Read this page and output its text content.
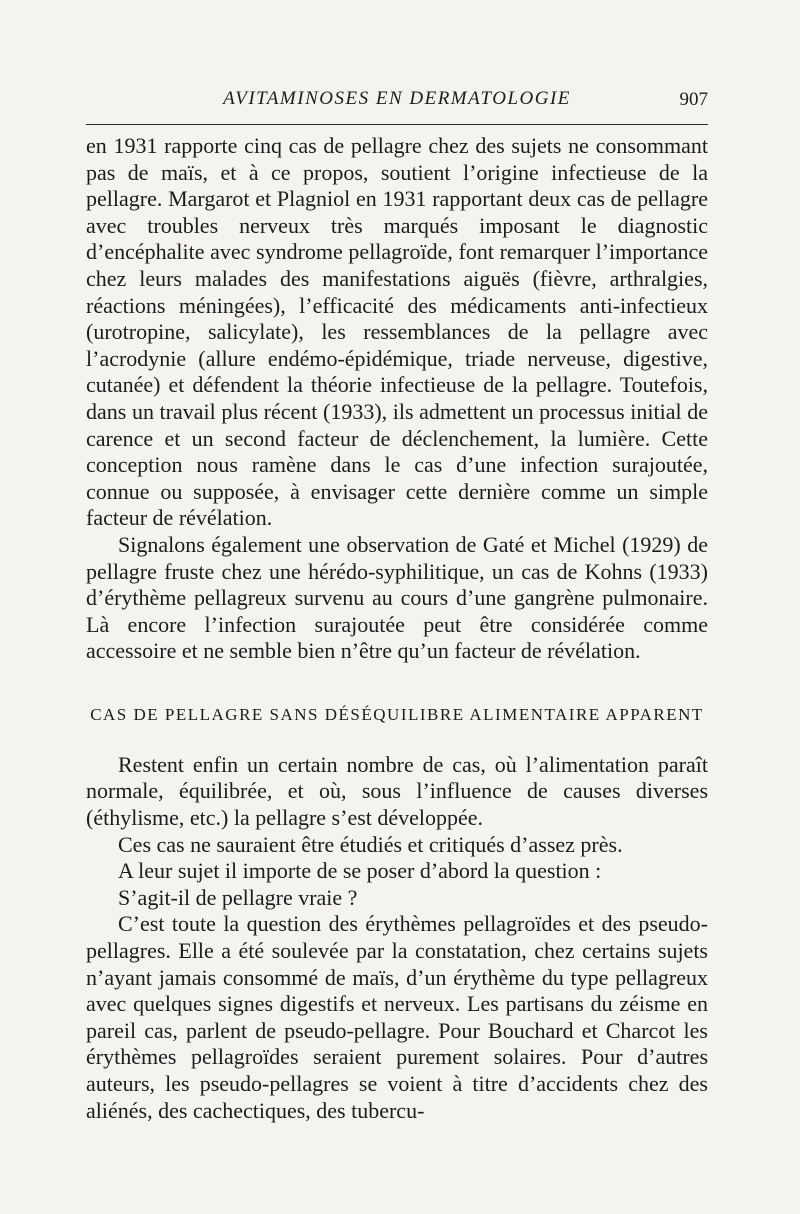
AVITAMINOSES EN DERMATOLOGIE	907

en 1931 rapporte cinq cas de pellagre chez des sujets ne consommant pas de maïs, et à ce propos, soutient l’origine infectieuse de la pellagre. Margarot et Plagniol en 1931 rapportant deux cas de pellagre avec troubles nerveux très marqués imposant le diagnostic d’encéphalite avec syndrome pellagroïde, font remarquer l’importance chez leurs malades des manifestations aiguës (fièvre, arthralgies, réactions méningées), l’efficacité des médicaments anti-infectieux (urotropine, salicylate), les ressemblances de la pellagre avec l’acrodynie (allure endémo-épidémique, triade nerveuse, digestive, cutanée) et défendent la théorie infectieuse de la pellagre. Toutefois, dans un travail plus récent (1933), ils admettent un processus initial de carence et un second facteur de déclenchement, la lumière. Cette conception nous ramène dans le cas d’une infection surajoutée, connue ou supposée, à envisager cette dernière comme un simple facteur de révélation.

Signalons également une observation de Gaté et Michel (1929) de pellagre fruste chez une hérédo-syphilitique, un cas de Kohns (1933) d’érythème pellagreux survenu au cours d’une gangrène pulmonaire. Là encore l’infection surajoutée peut être considérée comme accessoire et ne semble bien n’être qu’un facteur de révélation.

CAS DE PELLAGRE SANS DÉSÉQUILIBRE ALIMENTAIRE APPARENT

Restent enfin un certain nombre de cas, où l’alimentation paraît normale, équilibrée, et où, sous l’influence de causes diverses (éthylisme, etc.) la pellagre s’est développée.

Ces cas ne sauraient être étudiés et critiqués d’assez près.

A leur sujet il importe de se poser d’abord la question :

S’agit-il de pellagre vraie ?

C’est toute la question des érythèmes pellagroïdes et des pseudo-pellagres. Elle a été soulevée par la constatation, chez certains sujets n’ayant jamais consommé de maïs, d’un érythème du type pellagreux avec quelques signes digestifs et nerveux. Les partisans du zéisme en pareil cas, parlent de pseudo-pellagre. Pour Bouchard et Charcot les érythèmes pellagroïdes seraient purement solaires. Pour d’autres auteurs, les pseudo-pellagres se voient à titre d’accidents chez des aliénés, des cachectiques, des tubercu-
